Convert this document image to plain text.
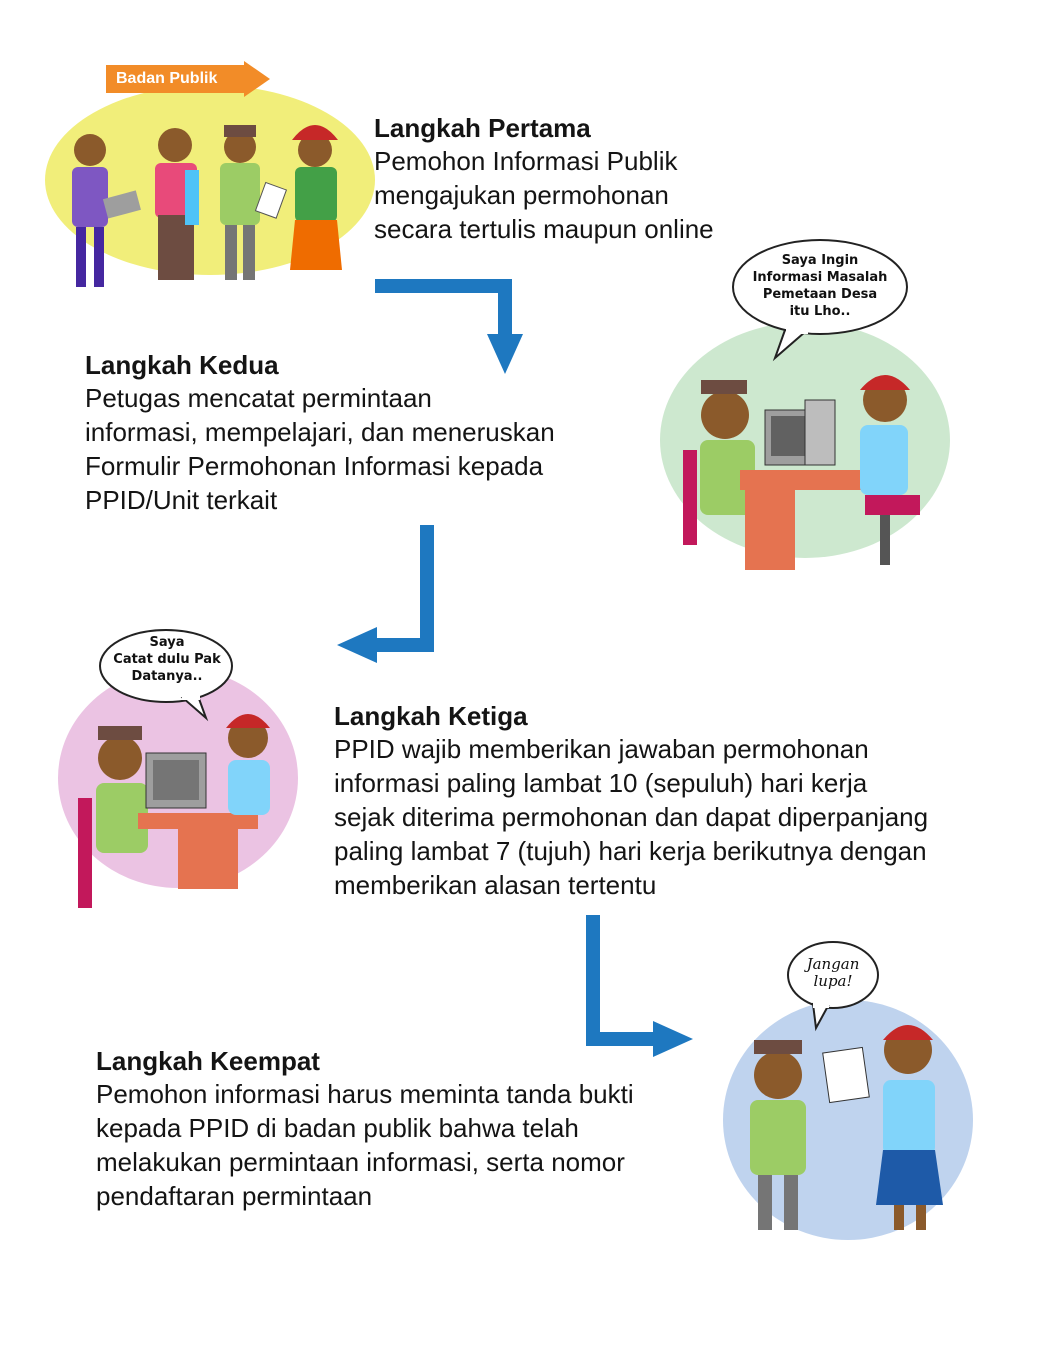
Badan Publik
Langkah Pertama
Pemohon Informasi Publik
mengajukan permohonan
secara tertulis maupun online
Saya Ingin
Informasi Masalah
Pemetaan Desa
itu Lho..
Langkah Kedua
Petugas mencatat permintaan
informasi, mempelajari, dan meneruskan
Formulir Permohonan Informasi kepada
PPID/Unit terkait
Saya
Catat dulu Pak
Datanya..
Langkah Ketiga
PPID wajib memberikan jawaban permohonan
informasi paling lambat 10 (sepuluh) hari kerja
sejak diterima permohonan dan dapat diperpanjang
paling lambat 7 (tujuh) hari kerja berikutnya dengan
memberikan alasan tertentu
Jangan
lupa!
Langkah Keempat
Pemohon informasi harus meminta tanda bukti
kepada PPID di badan publik bahwa telah
melakukan permintaan informasi, serta nomor
pendaftaran permintaan
